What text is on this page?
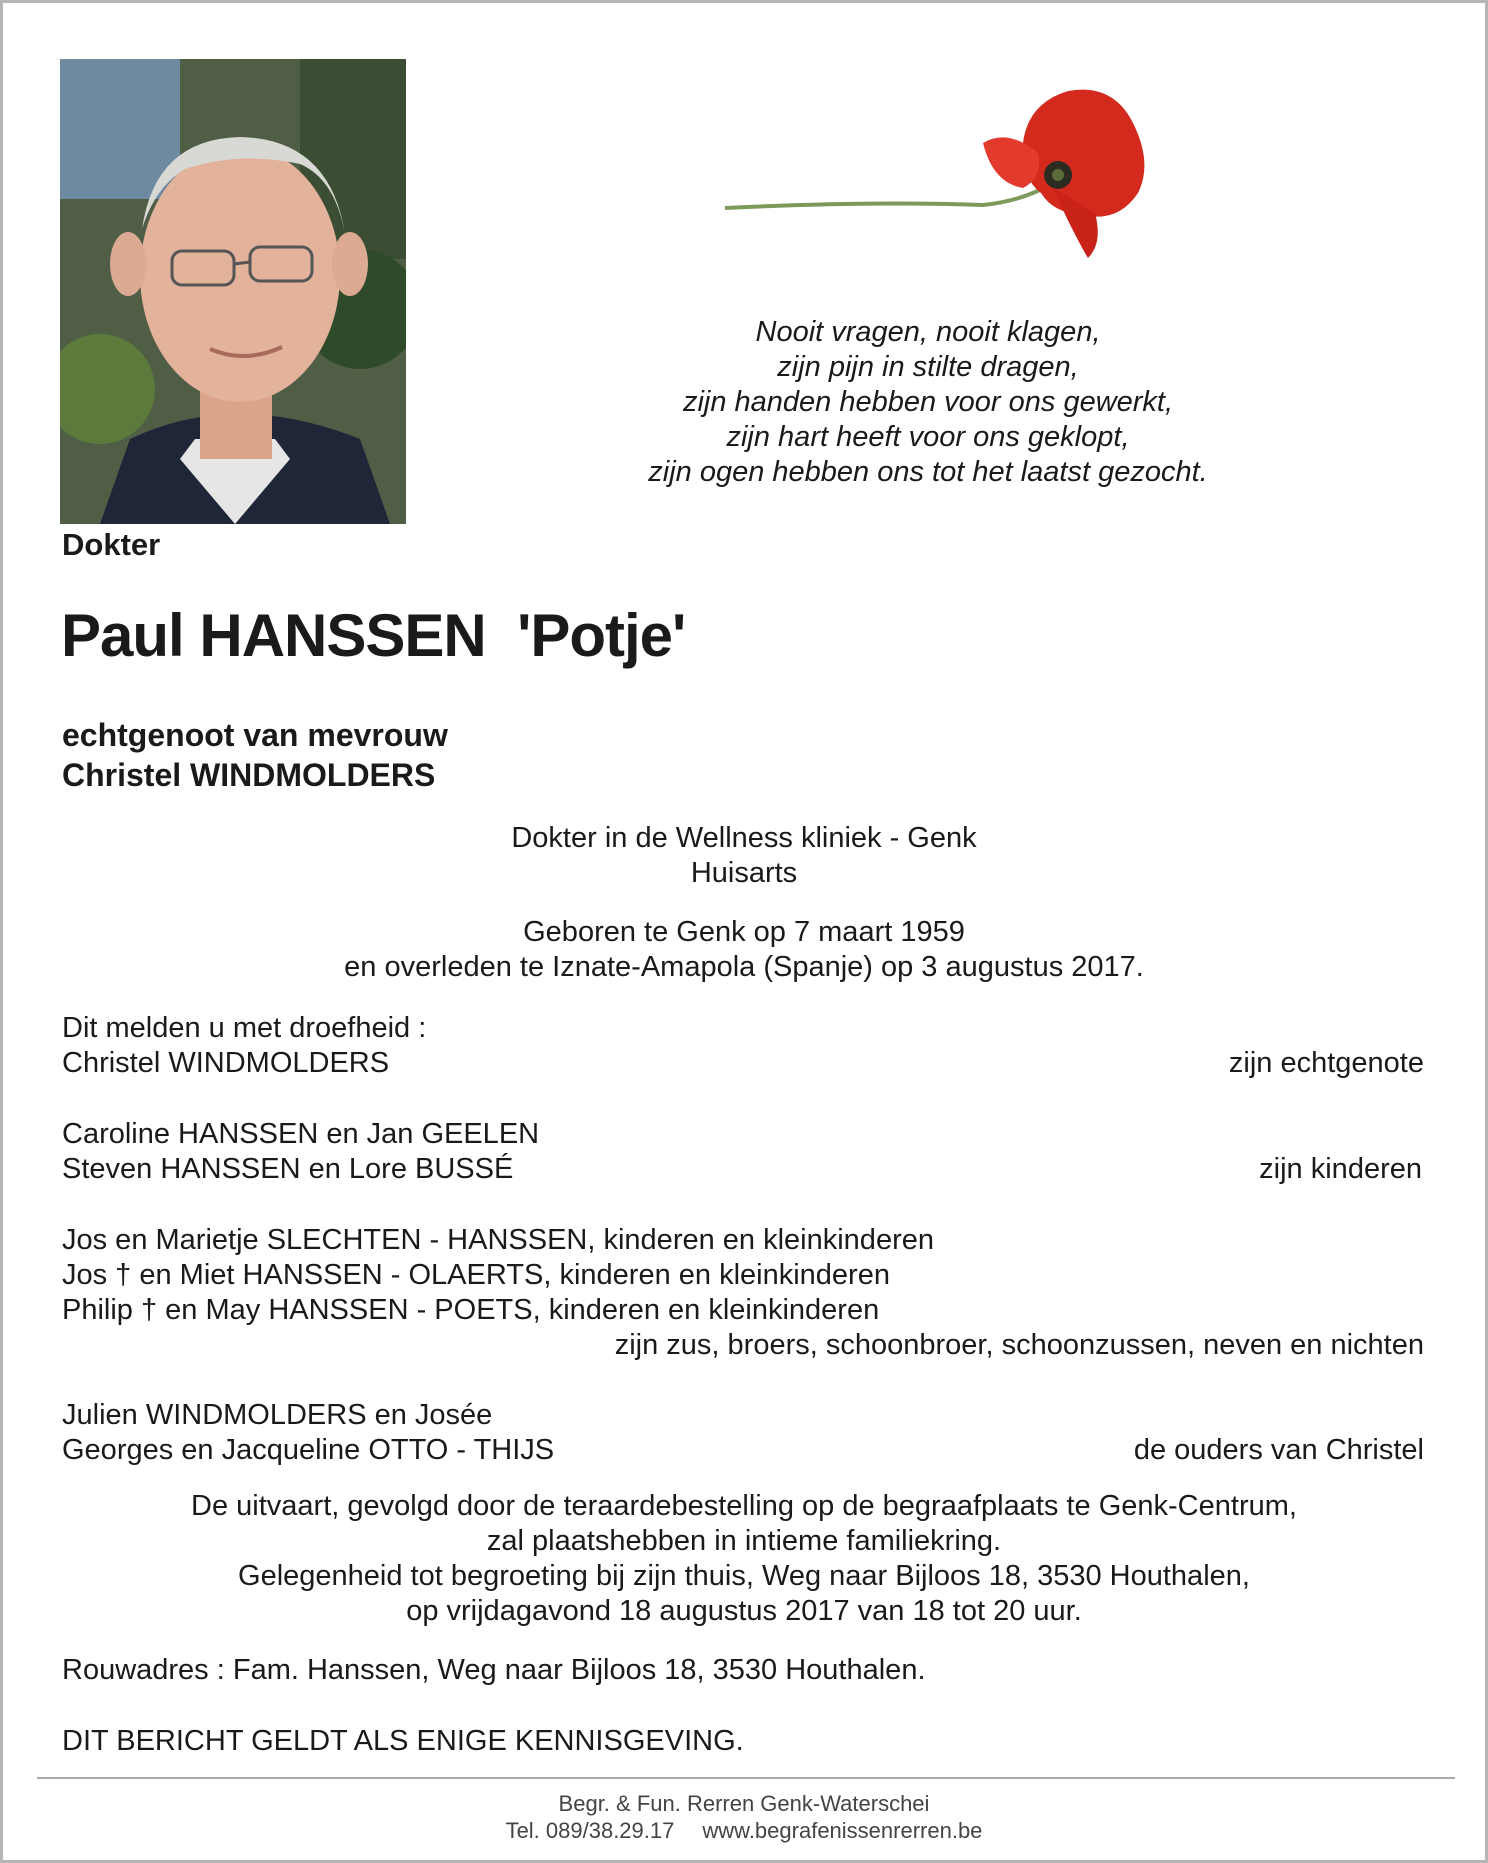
Dokter
Paul HANSSEN  'Potje'
echtgenoot van mevrouw
Christel WINDMOLDERS
Nooit vragen, nooit klagen,
zijn pijn in stilte dragen,
zijn handen hebben voor ons gewerkt,
zijn hart heeft voor ons geklopt,
zijn ogen hebben ons tot het laatst gezocht.
Dokter in de Wellness kliniek - Genk
Huisarts
Geboren te Genk op 7 maart 1959
en overleden te Iznate-Amapola (Spanje) op 3 augustus 2017.
Dit melden u met droefheid :
Christel WINDMOLDERS	zijn echtgenote
Caroline HANSSEN en Jan GEELEN
Steven HANSSEN en Lore BUSSÉ	zijn kinderen
Jos en Marietje SLECHTEN - HANSSEN, kinderen en kleinkinderen
Jos † en Miet HANSSEN - OLAERTS, kinderen en kleinkinderen
Philip † en May HANSSEN - POETS, kinderen en kleinkinderen
zijn zus, broers, schoonbroer, schoonzussen, neven en nichten
Julien WINDMOLDERS en Josée
Georges en Jacqueline OTTO - THIJS	de ouders van Christel
De uitvaart, gevolgd door de teraardebestelling op de begraafplaats te Genk-Centrum,
zal plaatshebben in intieme familiekring.
Gelegenheid tot begroeting bij zijn thuis, Weg naar Bijloos 18, 3530 Houthalen,
op vrijdagavond 18 augustus 2017 van 18 tot 20 uur.
Rouwadres : Fam. Hanssen, Weg naar Bijloos 18, 3530 Houthalen.
DIT BERICHT GELDT ALS ENIGE KENNISGEVING.
Begr. & Fun. Rerren Genk-Waterschei
Tel. 089/38.29.17 www.begrafenissenrerren.be
